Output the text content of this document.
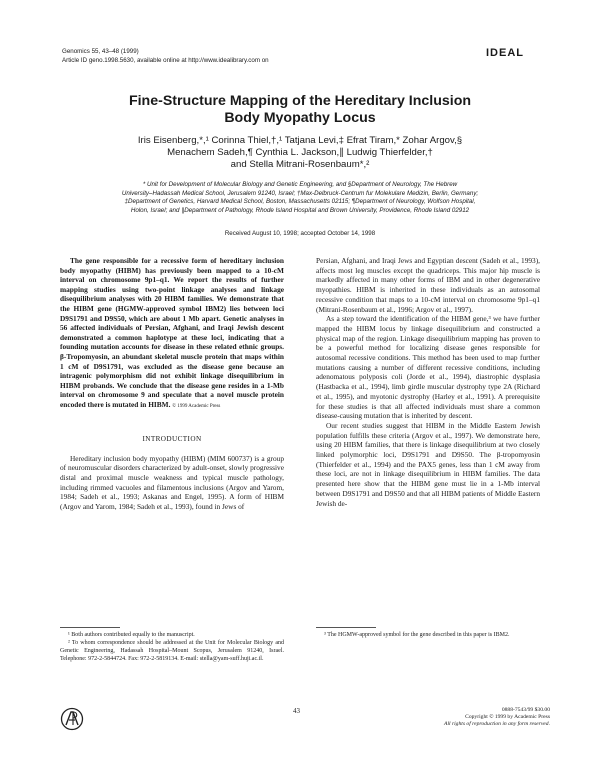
Genomics 55, 43–48 (1999)
Article ID geno.1998.5630, available online at http://www.idealibrary.com on
IDEAL
Fine-Structure Mapping of the Hereditary Inclusion
Body Myopathy Locus
Iris Eisenberg,*,¹ Corinna Thiel,†,¹ Tatjana Levi,‡ Efrat Tiram,* Zohar Argov,§
Menachem Sadeh,¶ Cynthia L. Jackson,∥ Ludwig Thierfelder,†
and Stella Mitrani-Rosenbaum*,²
* Unit for Development of Molecular Biology and Genetic Engineering, and §Department of Neurology, The Hebrew
University–Hadassah Medical School, Jerusalem 91240, Israel; †Max-Delbruck-Centrum fur Molekulare Medizin, Berlin, Germany;
‡Department of Genetics, Harvard Medical School, Boston, Massachusetts 02115; ¶Department of Neurology, Wolfson Hospital,
Holon, Israel; and ∥Department of Pathology, Rhode Island Hospital and Brown University, Providence, Rhode Island 02912
Received August 10, 1998; accepted October 14, 1998

The gene responsible for a recessive form of hereditary inclusion body myopathy (HIBM) has previously been mapped to a 10-cM interval on chromosome 9p1–q1. We report the results of further mapping studies using two-point linkage analyses and linkage disequilibrium analyses with 20 HIBM families. We demonstrate that the HIBM gene (HGMW-approved symbol IBM2) lies between loci D9S1791 and D9S50, which are about 1 Mb apart. Genetic analyses in 56 affected individuals of Persian, Afghani, and Iraqi Jewish descent demonstrated a common haplotype at these loci, indicating that a founding mutation accounts for disease in these related ethnic groups. β-Tropomyosin, an abundant skeletal muscle protein that maps within 1 cM of D9S1791, was excluded as the disease gene because an intragenic polymorphism did not exhibit linkage disequilibrium in HIBM probands. We conclude that the disease gene resides in a 1-Mb interval on chromosome 9 and speculate that a novel muscle protein encoded there is mutated in HIBM. © 1999 Academic Press

INTRODUCTION

Hereditary inclusion body myopathy (HIBM) (MIM 600737) is a group of neuromuscular disorders characterized by adult-onset, slowly progressive distal and proximal muscle weakness and typical muscle pathology, including rimmed vacuoles and filamentous inclusions (Argov and Yarom, 1984; Sadeh et al., 1993; Askanas and Engel, 1995). A form of HIBM (Argov and Yarom, 1984; Sadeh et al., 1993), found in Jews of

Persian, Afghani, and Iraqi Jews and Egyptian descent (Sadeh et al., 1993), affects most leg muscles except the quadriceps. This major hip muscle is markedly affected in many other forms of IBM and in other degenerative myopathies. HIBM is inherited in these individuals as an autosomal recessive condition that maps to a 10-cM interval on chromosome 9p1–q1 (Mitrani-Rosenbaum et al., 1996; Argov et al., 1997).

As a step toward the identification of the HIBM gene,³ we have further mapped the HIBM locus by linkage disequilibrium and constructed a physical map of the region. Linkage disequilibrium mapping has proven to be a powerful method for localizing disease genes responsible for autosomal recessive conditions. This method has been used to map further mutations causing a number of different recessive conditions, including adenomatous polyposis coli (Jorde et al., 1994), diastrophic dysplasia (Hastbacka et al., 1994), limb girdle muscular dystrophy type 2A (Richard et al., 1995), and myotonic dystrophy (Harley et al., 1991). A prerequisite for these studies is that all affected individuals must share a common disease-causing mutation that is inherited by descent.

Our recent studies suggest that HIBM in the Middle Eastern Jewish population fulfills these criteria (Argov et al., 1997). We demonstrate here, using 20 HIBM families, that there is linkage disequilibrium at two closely linked polymorphic loci, D9S1791 and D9S50. The β-tropomyosin (Thierfelder et al., 1994) and the PAX5 genes, less than 1 cM away from these loci, are not in linkage disequilibrium in HIBM families. The data presented here show that the HIBM gene must lie in a 1-Mb interval between D9S1791 and D9S50 and that all HIBM patients of Middle Eastern Jewish de-

¹ Both authors contributed equally to the manuscript.

² To whom correspondence should be addressed at the Unit for Molecular Biology and Genetic Engineering, Hadassah Hospital–Mount Scopus, Jerusalem 91240, Israel. Telephone: 972-2-5844724. Fax: 972-2-5819134. E-mail: stella@yam-suff.huji.ac.il.

³ The HGMW-approved symbol for the gene described in this paper is IBM2.

43	0888-7543/99 $30.00
Copyright © 1999 by Academic Press
All rights of reproduction in any form reserved.
